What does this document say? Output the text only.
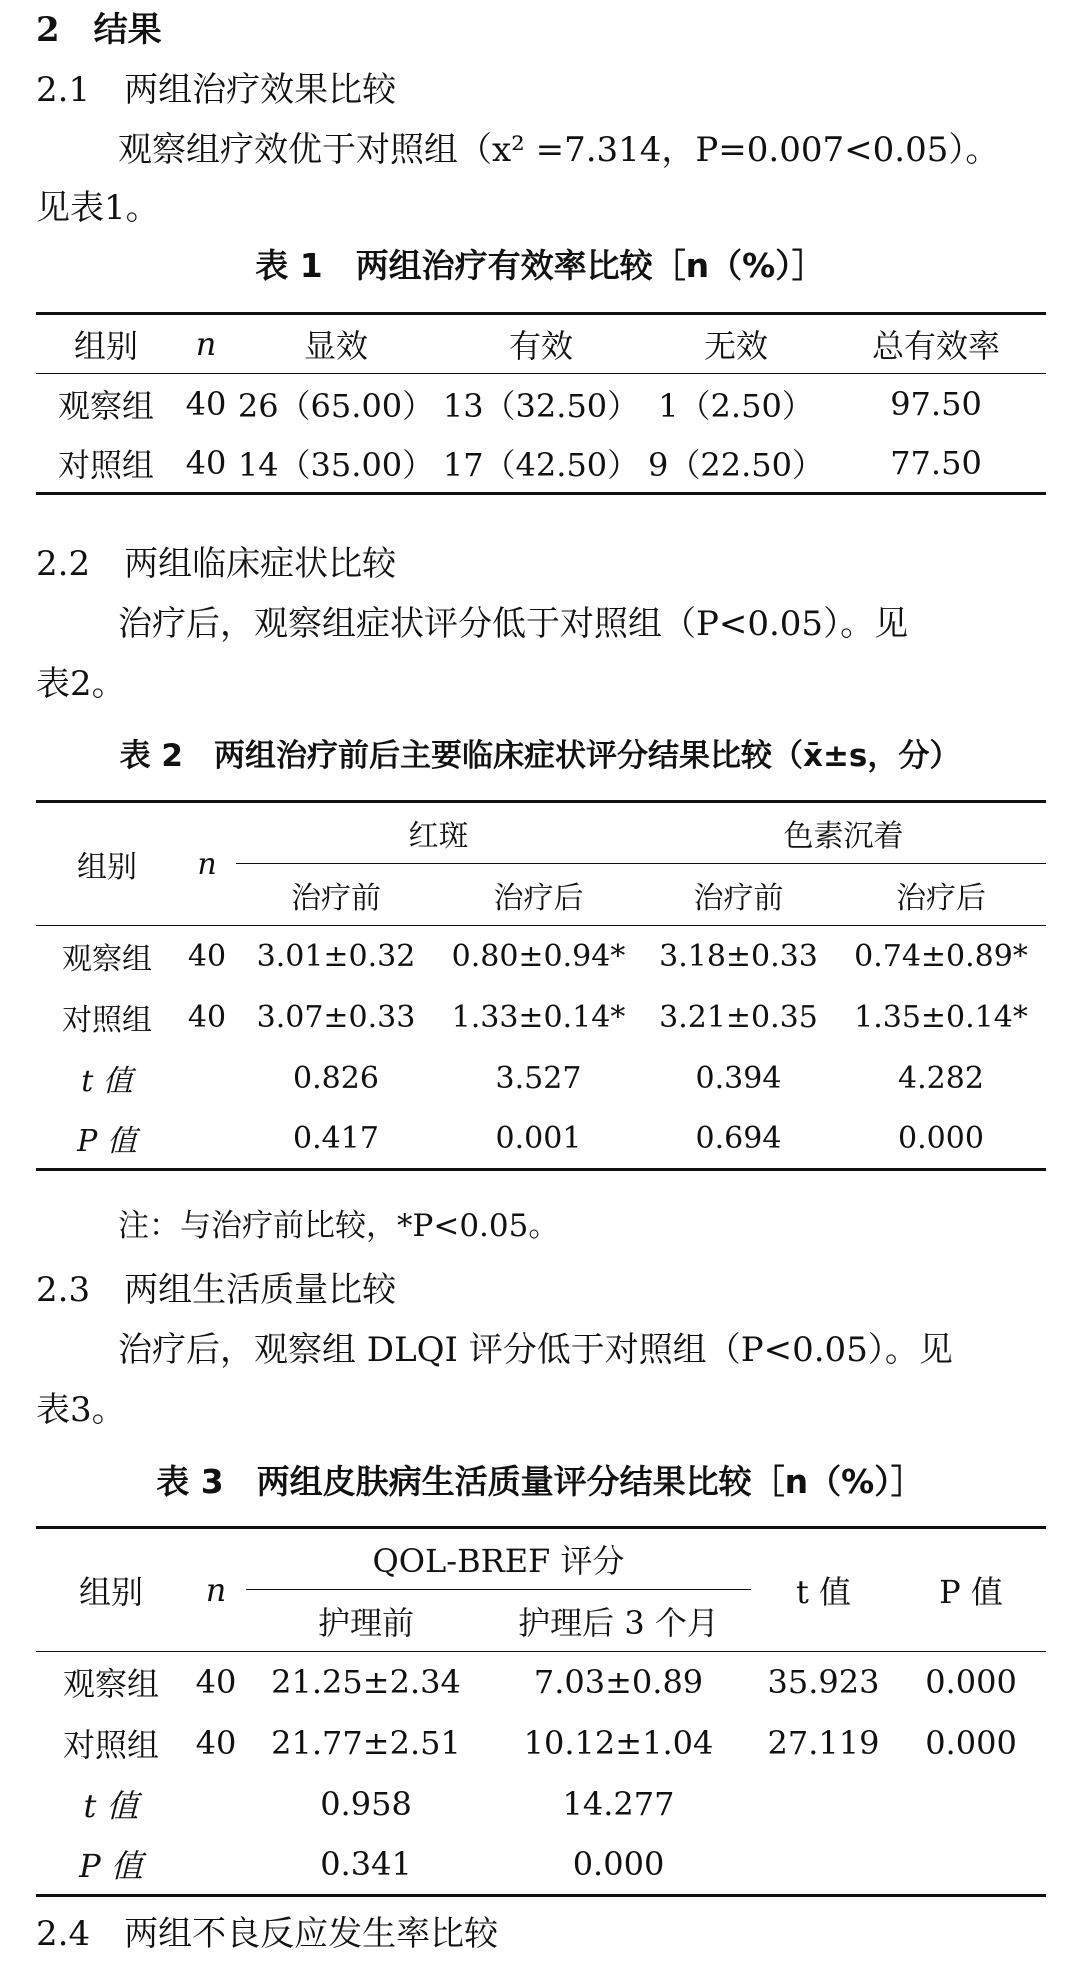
2　结果
2.1　两组治疗效果比较
观察组疗效优于对照组（x² =7.314，P=0.007<0.05）。
见表1。
表 1　两组治疗有效率比较［n（%）］
组别	n	显效	有效	无效	总有效率
观察组	40	26（65.00）	13（32.50）	1（2.50）	97.50
对照组	40	14（35.00）	17（42.50）	9（22.50）	77.50
2.2　两组临床症状比较
治疗后，观察组症状评分低于对照组（P<0.05）。见
表2。
表 2　两组治疗前后主要临床症状评分结果比较（x̄±s，分）
组别	n	红斑		色素沉着	
		治疗前	治疗后	治疗前	治疗后
观察组	40	3.01±0.32	0.80±0.94*	3.18±0.33	0.74±0.89*
对照组	40	3.07±0.33	1.33±0.14*	3.21±0.35	1.35±0.14*
t 值		0.826	3.527	0.394	4.282
P 值		0.417	0.001	0.694	0.000
注：与治疗前比较，*P<0.05。
2.3　两组生活质量比较
治疗后，观察组 DLQI 评分低于对照组（P<0.05）。见
表3。
表 3　两组皮肤病生活质量评分结果比较［n（%）］
组别	n	QOL-BREF 评分		t 值	P 值
		护理前	护理后 3 个月		
观察组	40	21.25±2.34	7.03±0.89	35.923	0.000
对照组	40	21.77±2.51	10.12±1.04	27.119	0.000
t 值		0.958	14.277		
P 值		0.341	0.000		
2.4　两组不良反应发生率比较
